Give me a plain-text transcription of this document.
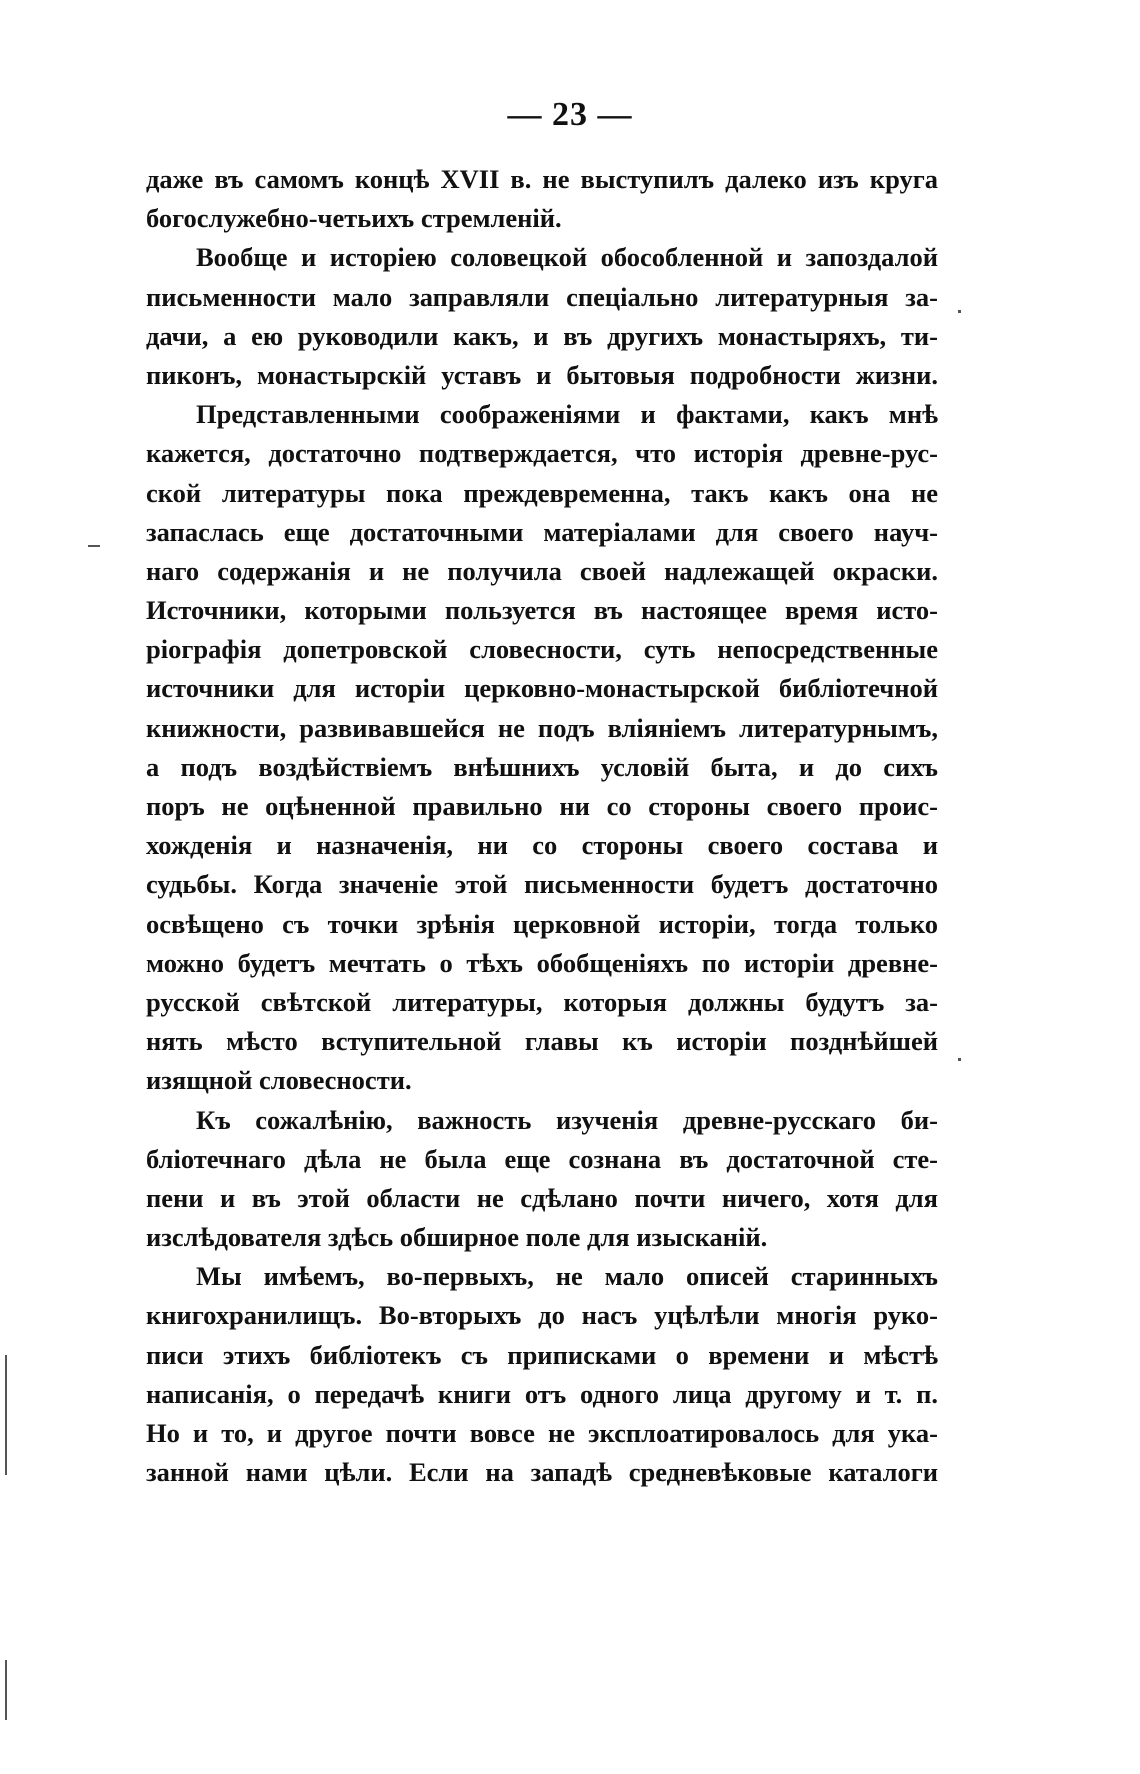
— 23 —
даже въ самомъ концѣ XVII в. не выступилъ далеко изъ круга
богослужебно-четьихъ стремленій.
Вообще и исторіею соловецкой обособленной и запоздалой
письменности мало заправляли спеціально литературныя за-
дачи, а ею руководили какъ, и въ другихъ монастыряхъ, ти-
пиконъ, монастырскій уставъ и бытовыя подробности жизни.
Представленными соображеніями и фактами, какъ мнѣ
кажется, достаточно подтверждается, что исторія древне-рус-
ской литературы пока преждевременна, такъ какъ она не
запаслась еще достаточными матеріалами для своего науч-
наго содержанія и не получила своей надлежащей окраски.
Источники, которыми пользуется въ настоящее время исто-
ріографія допетровской словесности, суть непосредственные
источники для исторіи церковно-монастырской библіотечной
книжности, развивавшейся не подъ вліяніемъ литературнымъ,
а подъ воздѣйствіемъ внѣшнихъ условій быта, и до сихъ
поръ не оцѣненной правильно ни со стороны своего проис-
хожденія и назначенія, ни со стороны своего состава и
судьбы. Когда значеніе этой письменности будетъ достаточно
освѣщено съ точки зрѣнія церковной исторіи, тогда только
можно будетъ мечтать о тѣхъ обобщеніяхъ по исторіи древне-
русской свѣтской литературы, которыя должны будутъ за-
нять мѣсто вступительной главы къ исторіи позднѣйшей
изящной словесности.
Къ сожалѣнію, важность изученія древне-русскаго би-
бліотечнаго дѣла не была еще сознана въ достаточной сте-
пени и въ этой области не сдѣлано почти ничего, хотя для
изслѣдователя здѣсь обширное поле для изысканій.
Мы имѣемъ, во-первыхъ, не мало описей старинныхъ
книгохранилищъ. Во-вторыхъ до насъ уцѣлѣли многія руко-
писи этихъ библіотекъ съ приписками о времени и мѣстѣ
написанія, о передачѣ книги отъ одного лица другому и т. п.
Но и то, и другое почти вовсе не эксплоатировалось для ука-
занной нами цѣли. Если на западѣ средневѣковые каталоги
